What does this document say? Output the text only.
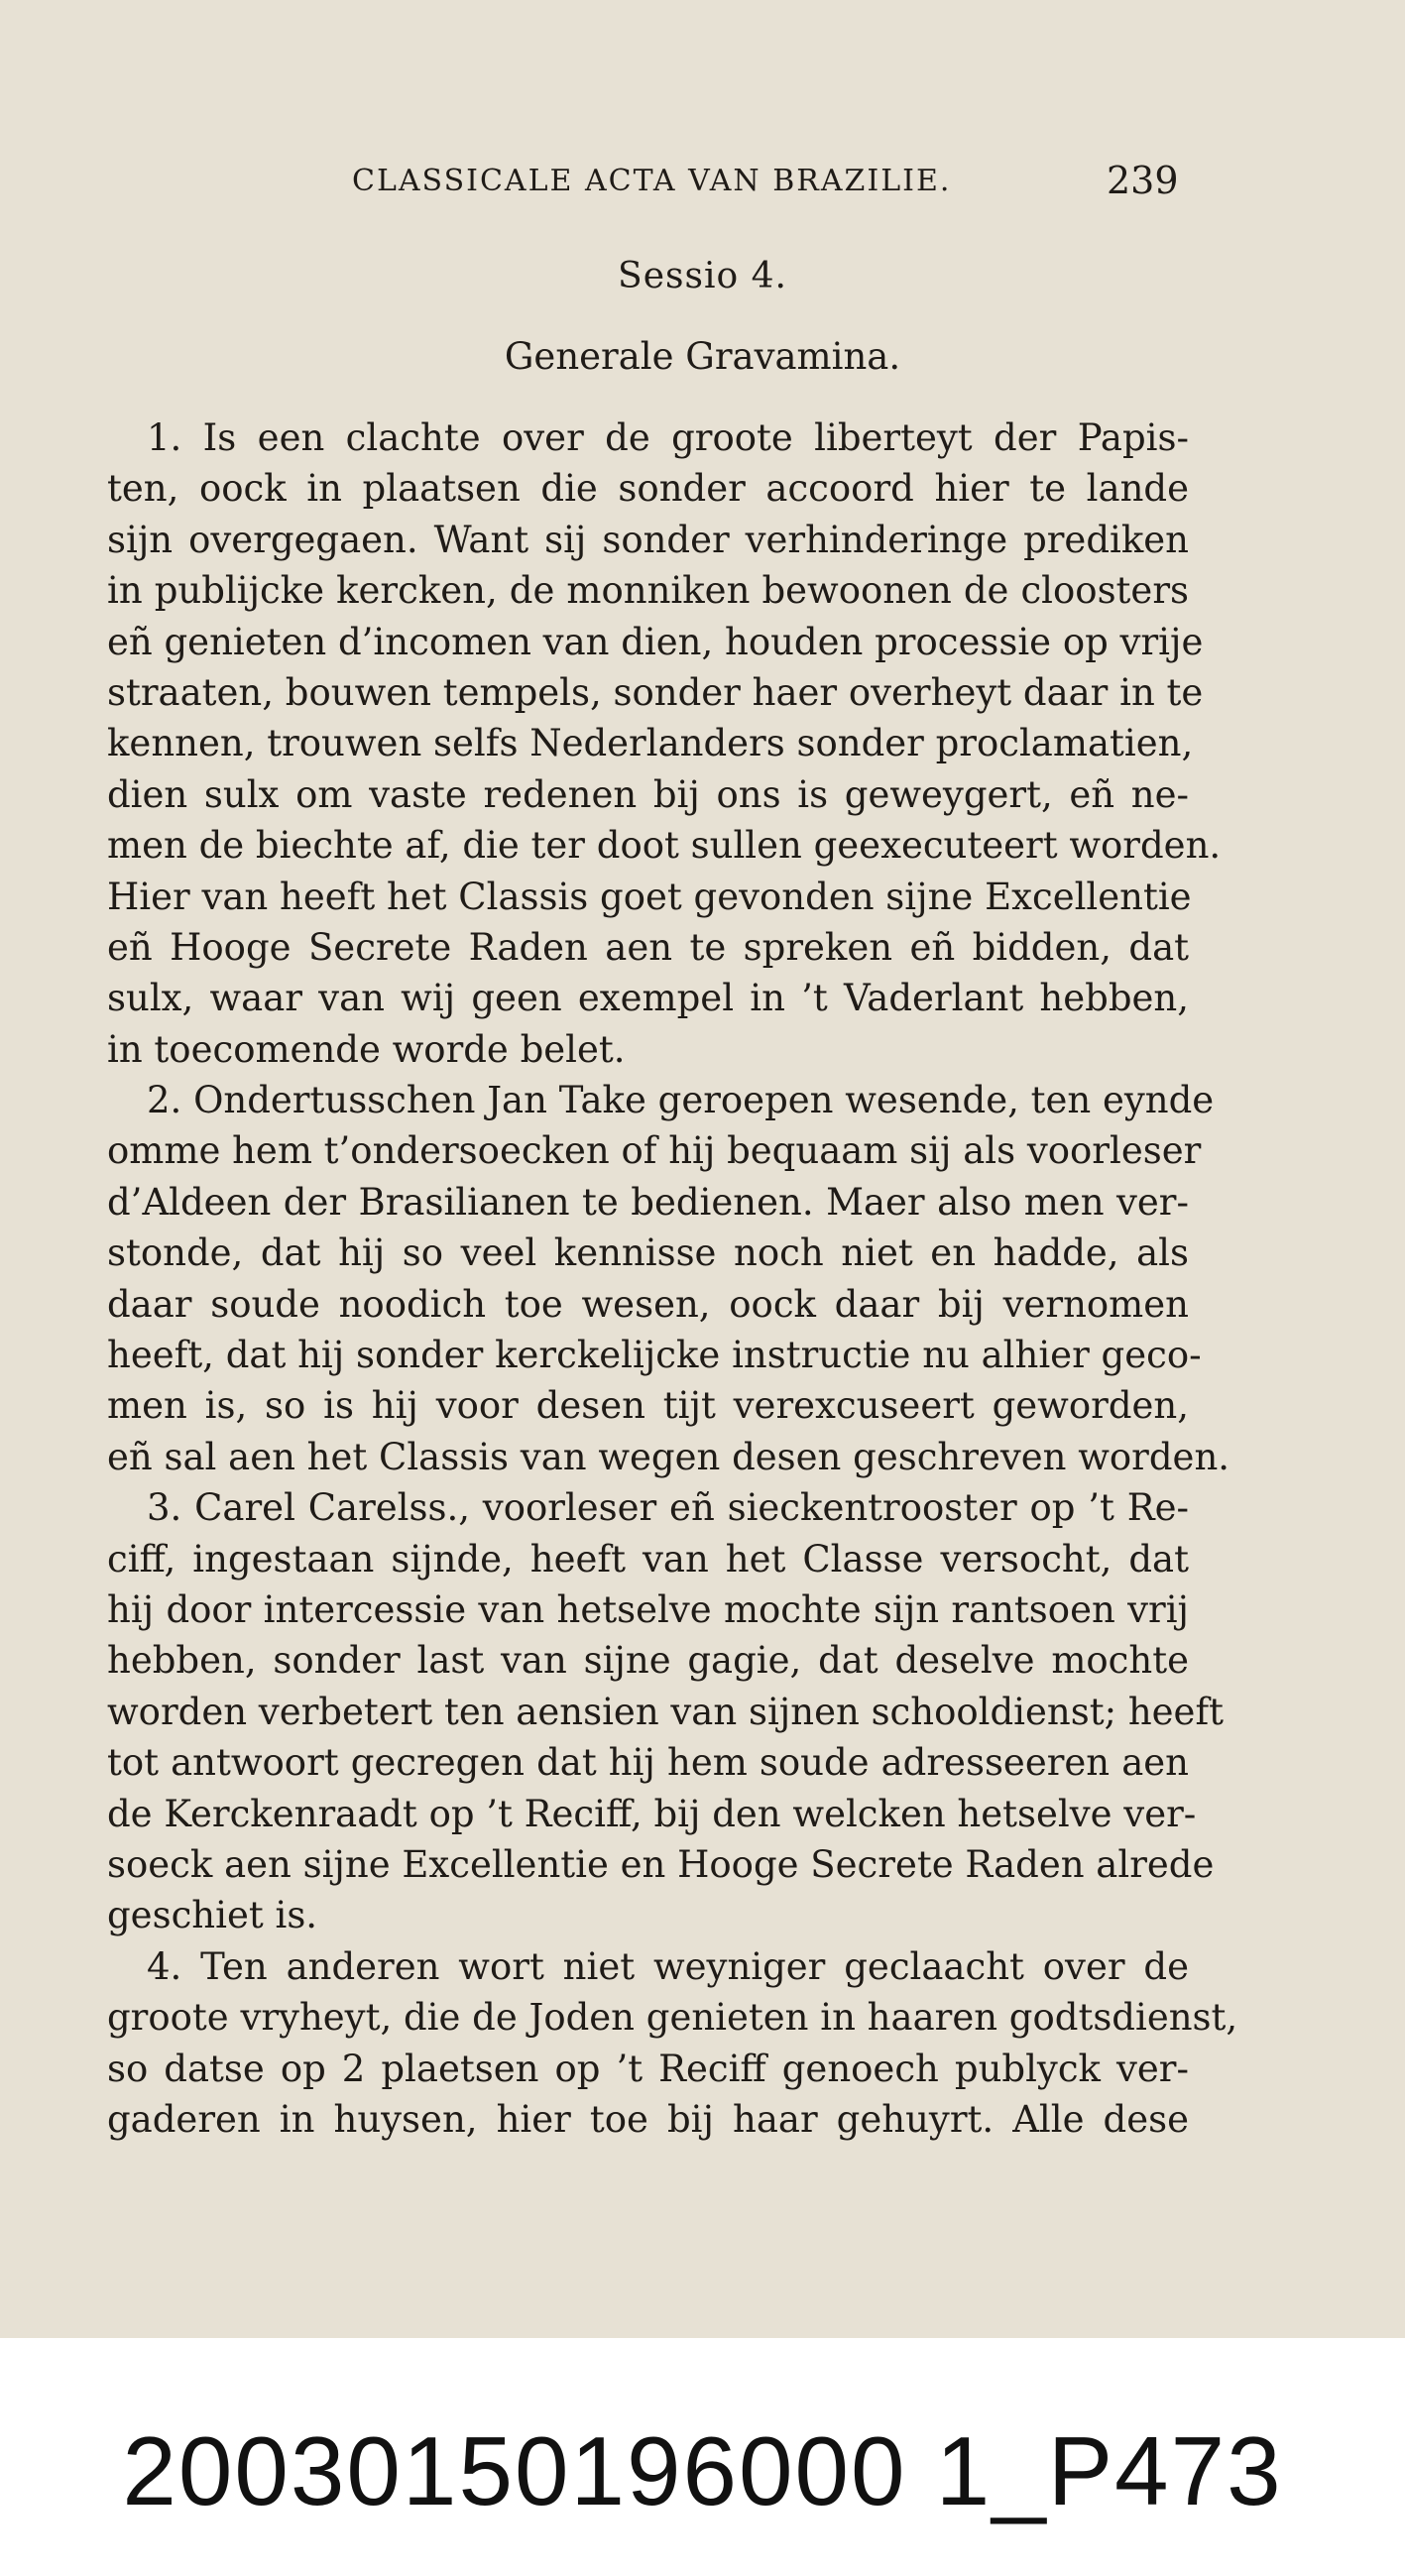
CLASSICALE ACTA VAN BRAZILIE.	239
Sessio 4.
Generale Gravamina.
1. Is een clachte over de groote liberteyt der Papis-
ten, oock in plaatsen die sonder accoord hier te lande
sijn overgegaen. Want sij sonder verhinderinge prediken
in publijcke kercken, de monniken bewoonen de cloosters
eñ genieten d’incomen van dien, houden processie op vrije
straaten, bouwen tempels, sonder haer overheyt daar in te
kennen, trouwen selfs Nederlanders sonder proclamatien,
dien sulx om vaste redenen bij ons is geweygert, eñ ne-
men de biechte af, die ter doot sullen geexecuteert worden.
Hier van heeft het Classis goet gevonden sijne Excellentie
eñ Hooge Secrete Raden aen te spreken eñ bidden, dat
sulx, waar van wij geen exempel in ’t Vaderlant hebben,
in toecomende worde belet.
2. Ondertusschen Jan Take geroepen wesende, ten eynde
omme hem t’ondersoecken of hij bequaam sij als voorleser
d’Aldeen der Brasilianen te bedienen. Maer also men ver-
stonde, dat hij so veel kennisse noch niet en hadde, als
daar soude noodich toe wesen, oock daar bij vernomen
heeft, dat hij sonder kerckelijcke instructie nu alhier geco-
men is, so is hij voor desen tijt verexcuseert geworden,
eñ sal aen het Classis van wegen desen geschreven worden.
3. Carel Carelss., voorleser eñ sieckentrooster op ’t Re-
ciff, ingestaan sijnde, heeft van het Classe versocht, dat
hij door intercessie van hetselve mochte sijn rantsoen vrij
hebben, sonder last van sijne gagie, dat deselve mochte
worden verbetert ten aensien van sijnen schooldienst; heeft
tot antwoort gecregen dat hij hem soude adresseeren aen
de Kerckenraadt op ’t Reciff, bij den welcken hetselve ver-
soeck aen sijne Excellentie en Hooge Secrete Raden alrede
geschiet is.
4. Ten anderen wort niet weyniger geclaacht over de
groote vryheyt, die de Joden genieten in haaren godtsdienst,
so datse op 2 plaetsen op ’t Reciff genoech publyck ver-
gaderen in huysen, hier toe bij haar gehuyrt. Alle dese
20030150196000 1_P473
